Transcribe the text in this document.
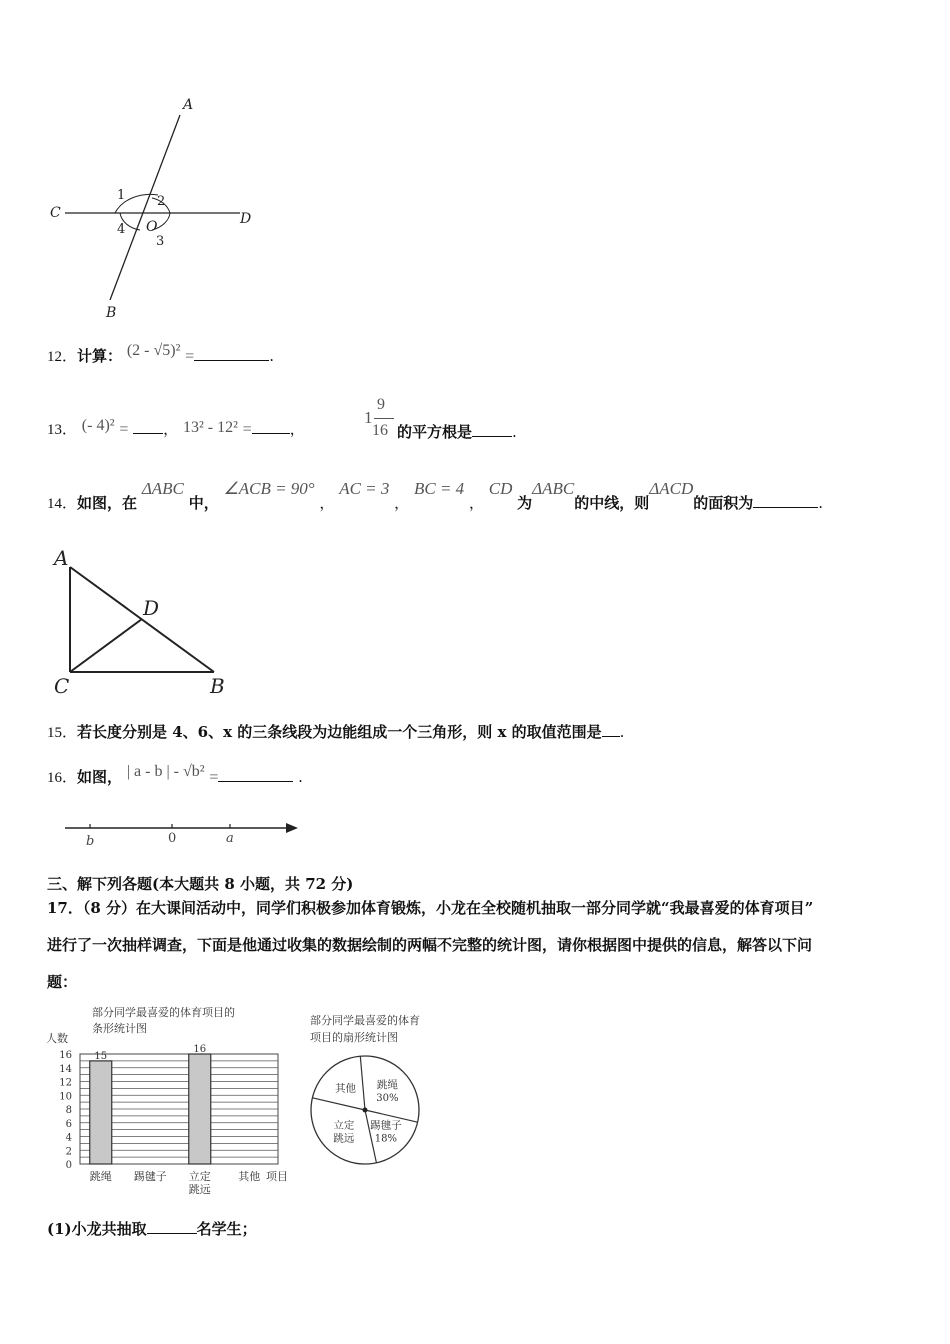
A
C	D
B
O
1 2
3
4
12．计算： (2 - √5)² =	.
13． (- 4)² = ， 13² - 12² =	，
1
9
16 的平方根是	.
14．如图，在 ΔABC 中， ∠ACB = 90° ， AC = 3 ， BC = 4 ， CD 为ΔABC的中线，则ΔACD的面积为	.
A
D
C	B
15．若长度分别是 4、6、x 的三条线段为边能组成一个三角形，则 x 的取值范围是 .
16．如图， | a - b | - √b² =	.
b	0	a
三、解下列各题(本大题共 8 小题，共 72 分)
17．（8 分）在大课间活动中，同学们积极参加体育锻炼，小龙在全校随机抽取一部分同学就“我最喜爱的体育项目”
进行了一次抽样调查，下面是他通过收集的数据绘制的两幅不完整的统计图，请你根据图中提供的信息，解答以下问
题：
部分同学最喜爱的体育项目的
条形统计图
人数
项目
0
2
4
6
8
10
12
14
16 15
16
跳绳 踢毽子 立定
跳远
其他
部分同学最喜爱的体育
项目的扇形统计图
跳绳
30%
踢毽子
18%
立定
跳远
其他
(1)小龙共抽取	名学生；
